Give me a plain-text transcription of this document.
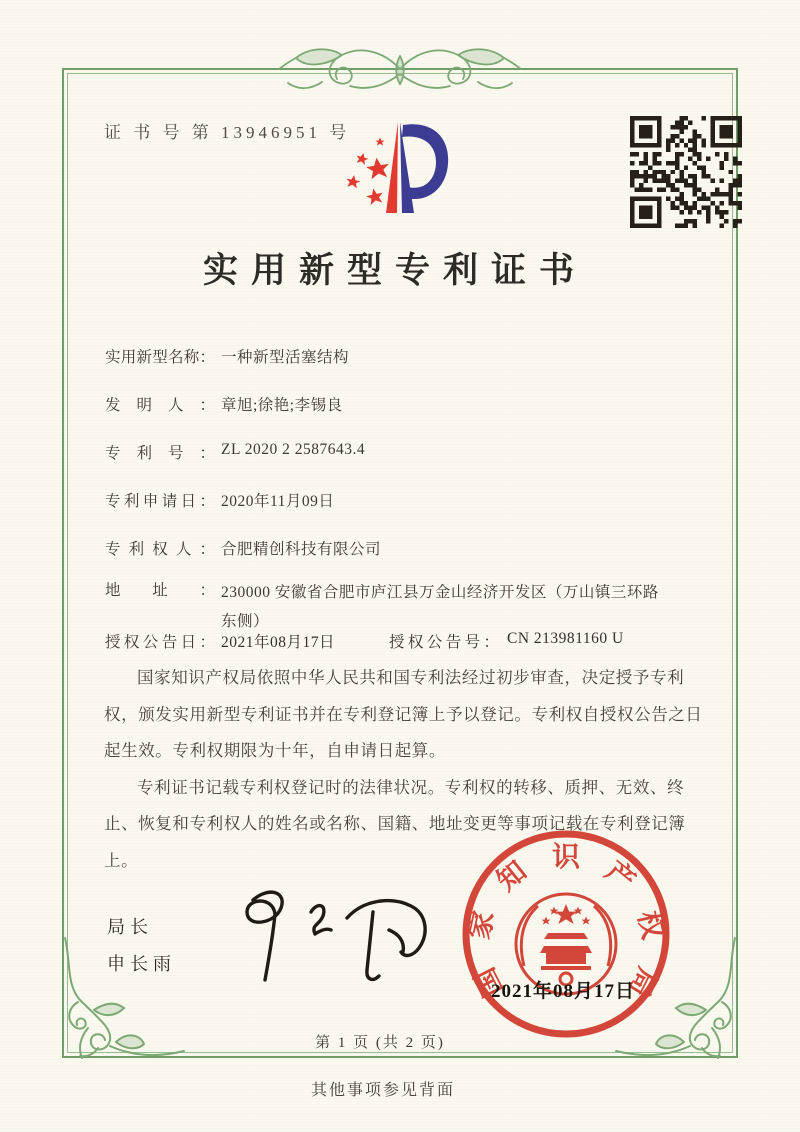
证 书 号 第 13946951 号
实用新型专利证书
实用新型名称： 一种新型活塞结构
发明人： 章旭;徐艳;李锡良
专利号： ZL 2020 2 2587643.4
专利申请日： 2020年11月09日
专利权人： 合肥精创科技有限公司
地址： 230000 安徽省合肥市庐江县万金山经济开发区（万山镇三环路东侧）
授权公告日： 2021年08月17日	授权公告号： CN 213981160 U

国家知识产权局依照中华人民共和国专利法经过初步审查，决定授予专利权，颁发实用新型专利证书并在专利登记簿上予以登记。专利权自授权公告之日起生效。专利权期限为十年，自申请日起算。

专利证书记载专利权登记时的法律状况。专利权的转移、质押、无效、终止、恢复和专利权人的姓名或名称、国籍、地址变更等事项记载在专利登记簿上。

局长
申长雨	国
家
知 识 产
权
局
2021年08月17日
第 1 页 (共 2 页)
其他事项参见背面
